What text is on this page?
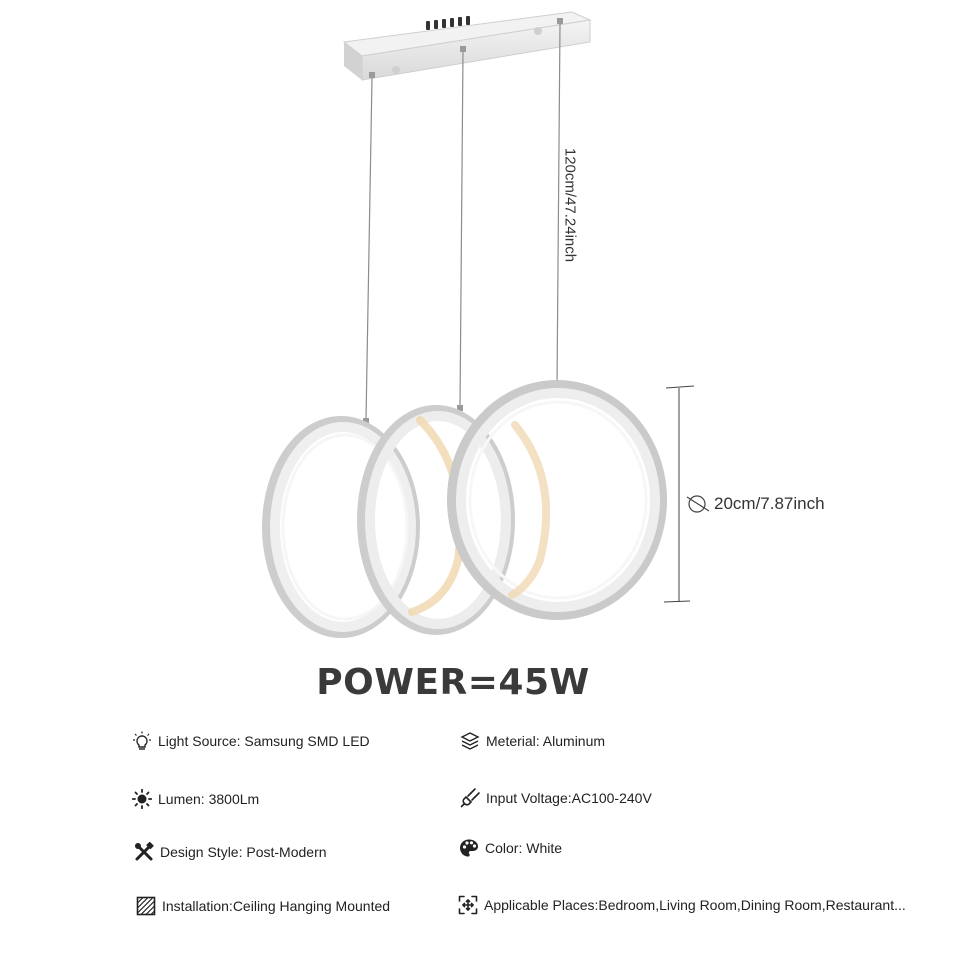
120cm/47.24inch
20cm/7.87inch
POWER=45W
Light Source: Samsung SMD LED	Meterial: Aluminum
Lumen: 3800Lm	Input Voltage:AC100-240V
Design Style: Post-Modern	Color: White
Installation:Ceiling Hanging Mounted	Applicable Places:Bedroom,Living Room,Dining Room,Restaurant...
